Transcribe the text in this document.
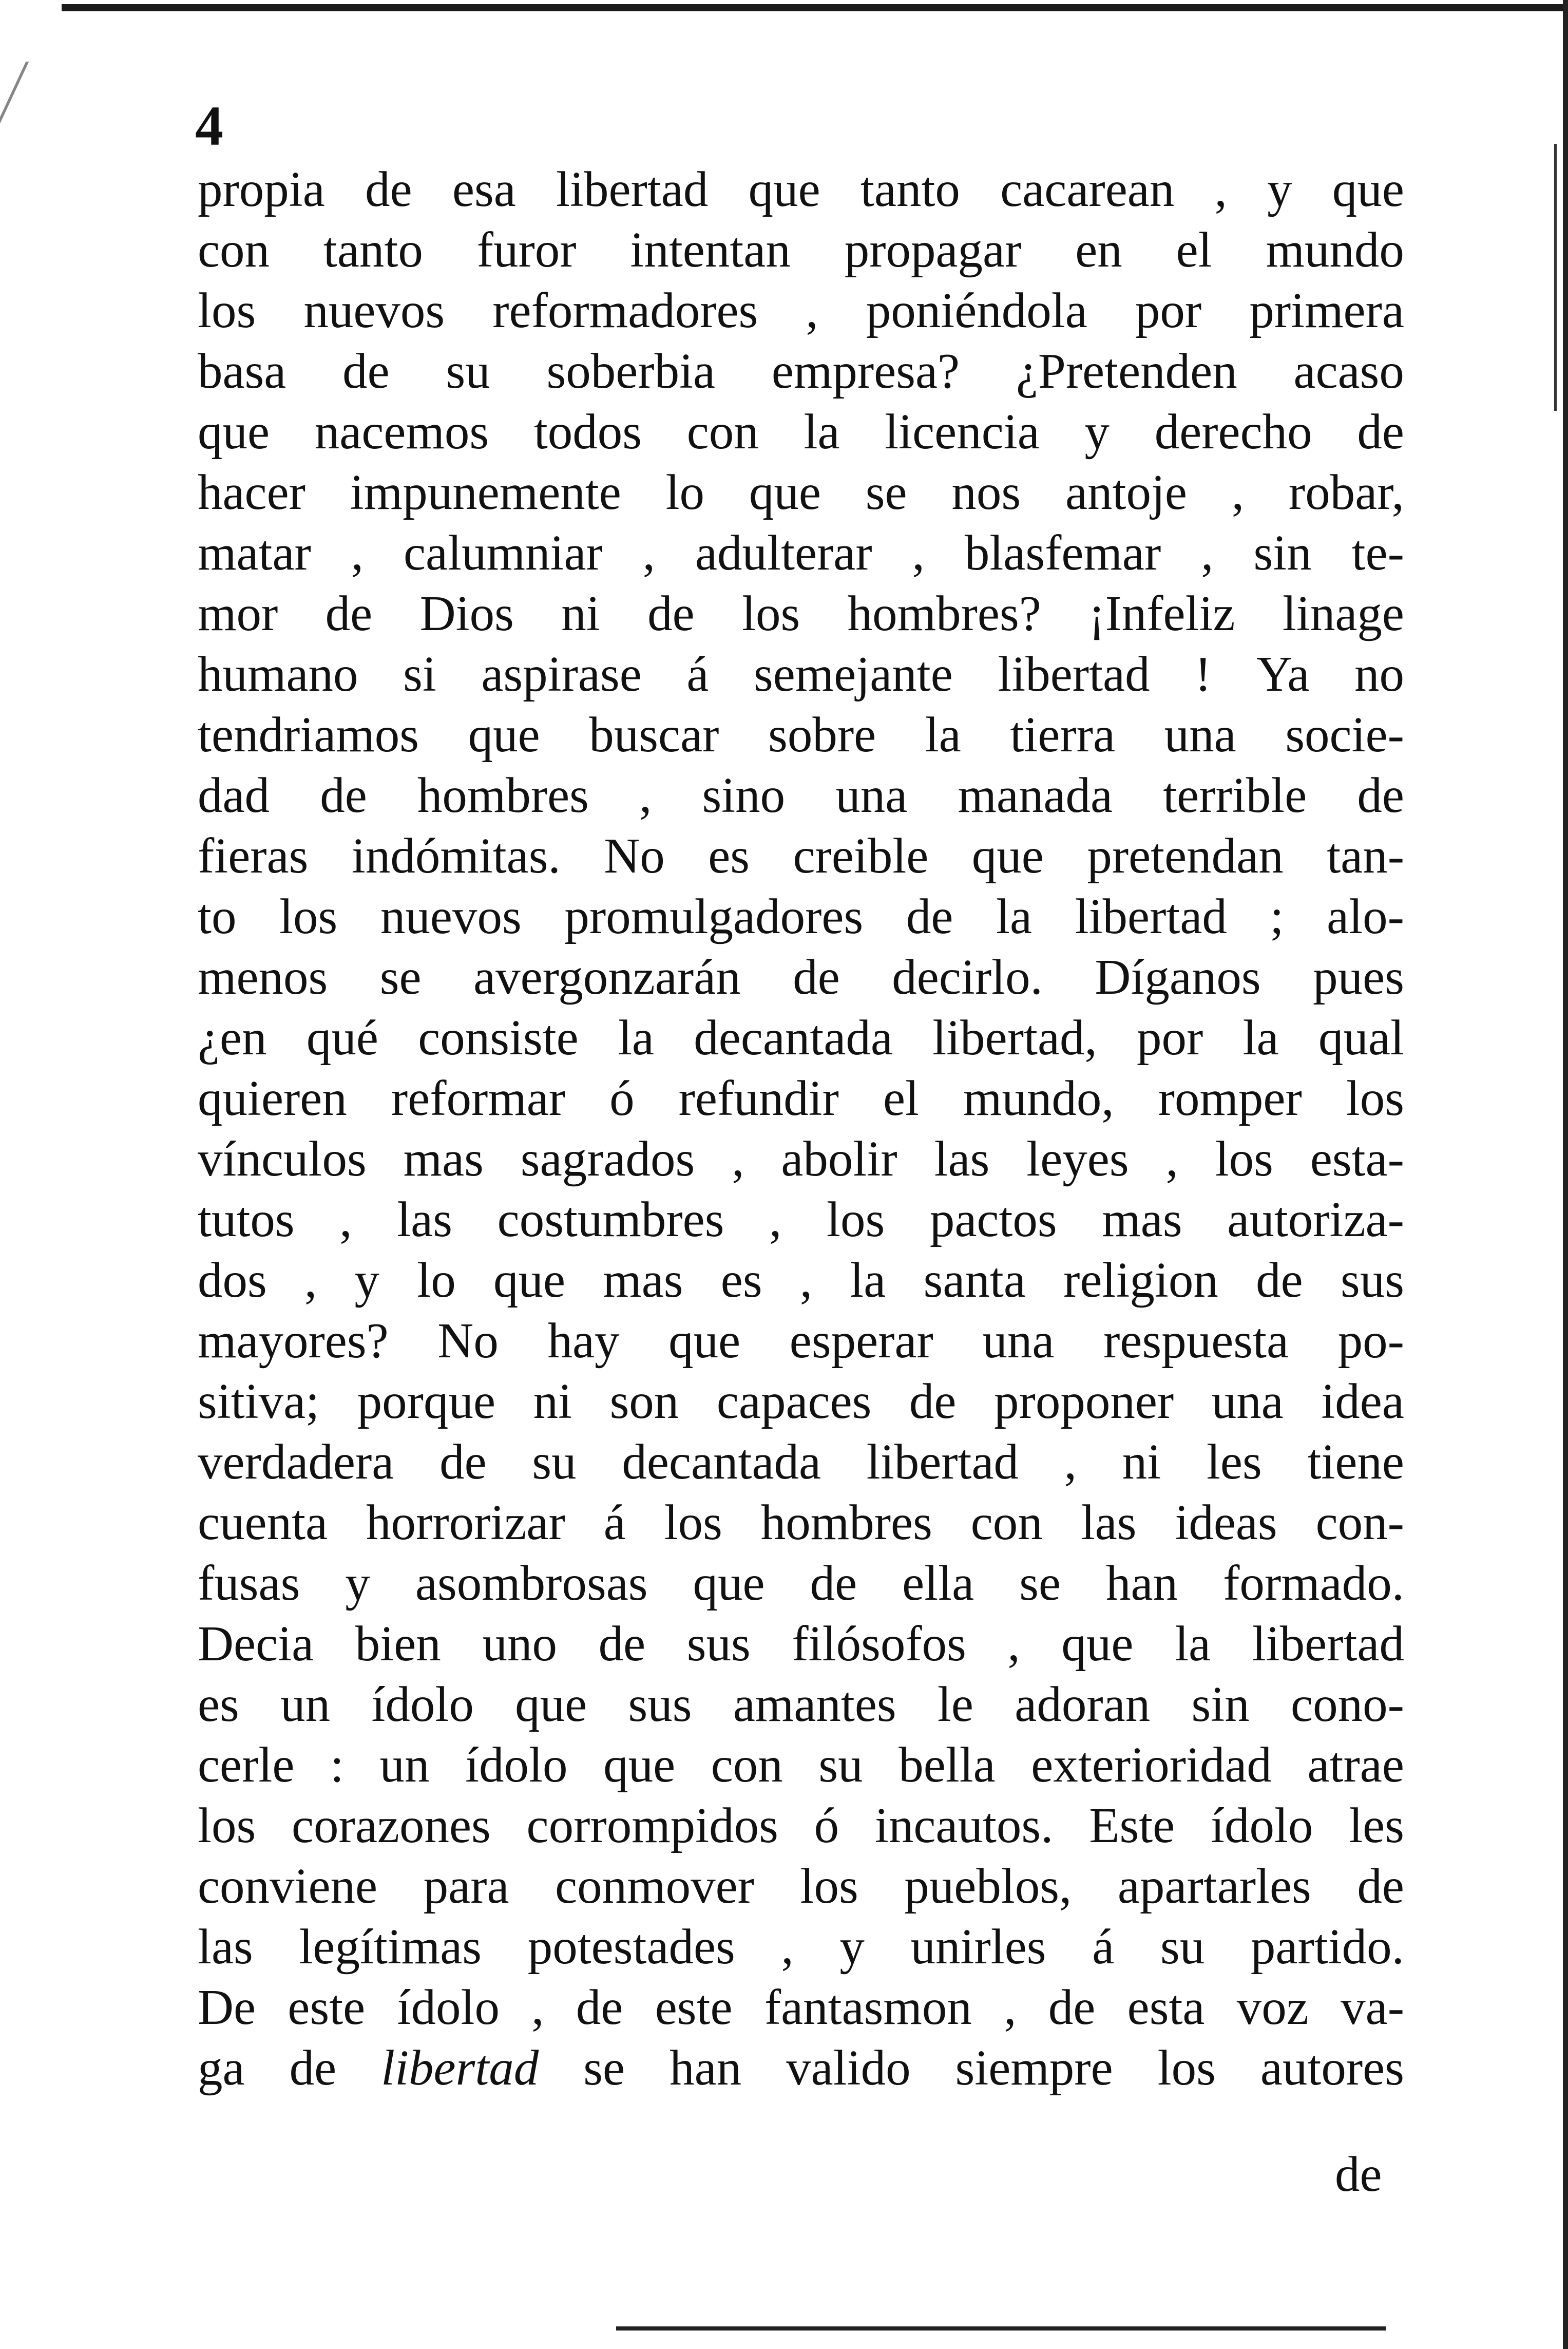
4
propia de esa libertad que tanto cacarean , y que
con tanto furor intentan propagar en el mundo
los nuevos reformadores , poniéndola por primera
basa de su soberbia empresa? ¿Pretenden acaso
que nacemos todos con la licencia y derecho de
hacer impunemente lo que se nos antoje , robar,
matar , calumniar , adulterar , blasfemar , sin te-
mor de Dios ni de los hombres? ¡Infeliz linage
humano si aspirase á semejante libertad ! Ya no
tendriamos que buscar sobre la tierra una socie-
dad de hombres , sino una manada terrible de
fieras indómitas. No es creible que pretendan tan-
to los nuevos promulgadores de la libertad ; alo-
menos se avergonzarán de decirlo. Díganos pues
¿en qué consiste la decantada libertad, por la qual
quieren reformar ó refundir el mundo, romper los
vínculos mas sagrados , abolir las leyes , los esta-
tutos , las costumbres , los pactos mas autoriza-
dos , y lo que mas es , la santa religion de sus
mayores? No hay que esperar una respuesta po-
sitiva; porque ni son capaces de proponer una idea
verdadera de su decantada libertad , ni les tiene
cuenta horrorizar á los hombres con las ideas con-
fusas y asombrosas que de ella se han formado.
Decia bien uno de sus filósofos , que la libertad
es un ídolo que sus amantes le adoran sin cono-
cerle : un ídolo que con su bella exterioridad atrae
los corazones corrompidos ó incautos. Este ídolo les
conviene para conmover los pueblos, apartarles de
las legítimas potestades , y unirles á su partido.
De este ídolo , de este fantasmon , de esta voz va-
ga de libertad se han valido siempre los autores
de
